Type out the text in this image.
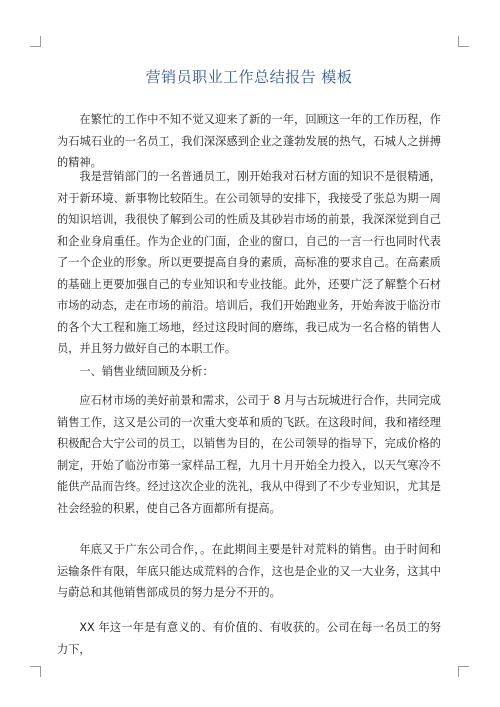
营销员职业工作总结报告 模板

在繁忙的工作中不知不觉又迎来了新的一年，回顾这一年的工作历程，作为石城石业的一名员工，我们深深感到企业之蓬勃发展的热气，石城人之拼搏的精神。

我是营销部门的一名普通员工，刚开始我对石材方面的知识不是很精通，对于新环境、新事物比较陌生。在公司领导的安排下，我接受了张总为期一周的知识培训，我很快了解到公司的性质及其砂岩市场的前景，我深深觉到自己和企业身肩重任。作为企业的门面，企业的窗口，自己的一言一行也同时代表了一个企业的形象。所以更要提高自身的素质，高标准的要求自己。在高素质的基础上更要加强自己的专业知识和专业技能。此外，还要广泛了解整个石材市场的动态，走在市场的前沿。培训后，我们开始跑业务，开始奔波于临汾市的各个大工程和施工场地，经过这段时间的磨练，我已成为一名合格的销售人员，并且努力做好自己的本职工作。

一、销售业绩回顾及分析：

应石材市场的美好前景和需求，公司于 8 月与古玩城进行合作，共同完成销售工作，这又是公司的一次重大变革和质的飞跃。在这段时间，我和褚经理积极配合大宁公司的员工，以销售为目的，在公司领导的指导下，完成价格的制定，开始了临汾市第一家样品工程，九月十月开始全力投入，以天气寒冷不能供产品而告终。经过这次企业的洗礼，我从中得到了不少专业知识，尤其是社会经验的积累，使自己各方面都所有提高。

年底又于广东公司合作，。在此期间主要是针对荒料的销售。由于时间和运输条件有限，年底只能达成荒料的合作，这也是企业的又一大业务，这其中与蔚总和其他销售部成员的努力是分不开的。

XX 年这一年是有意义的、有价值的、有收获的。公司在每一名员工的努力下，
